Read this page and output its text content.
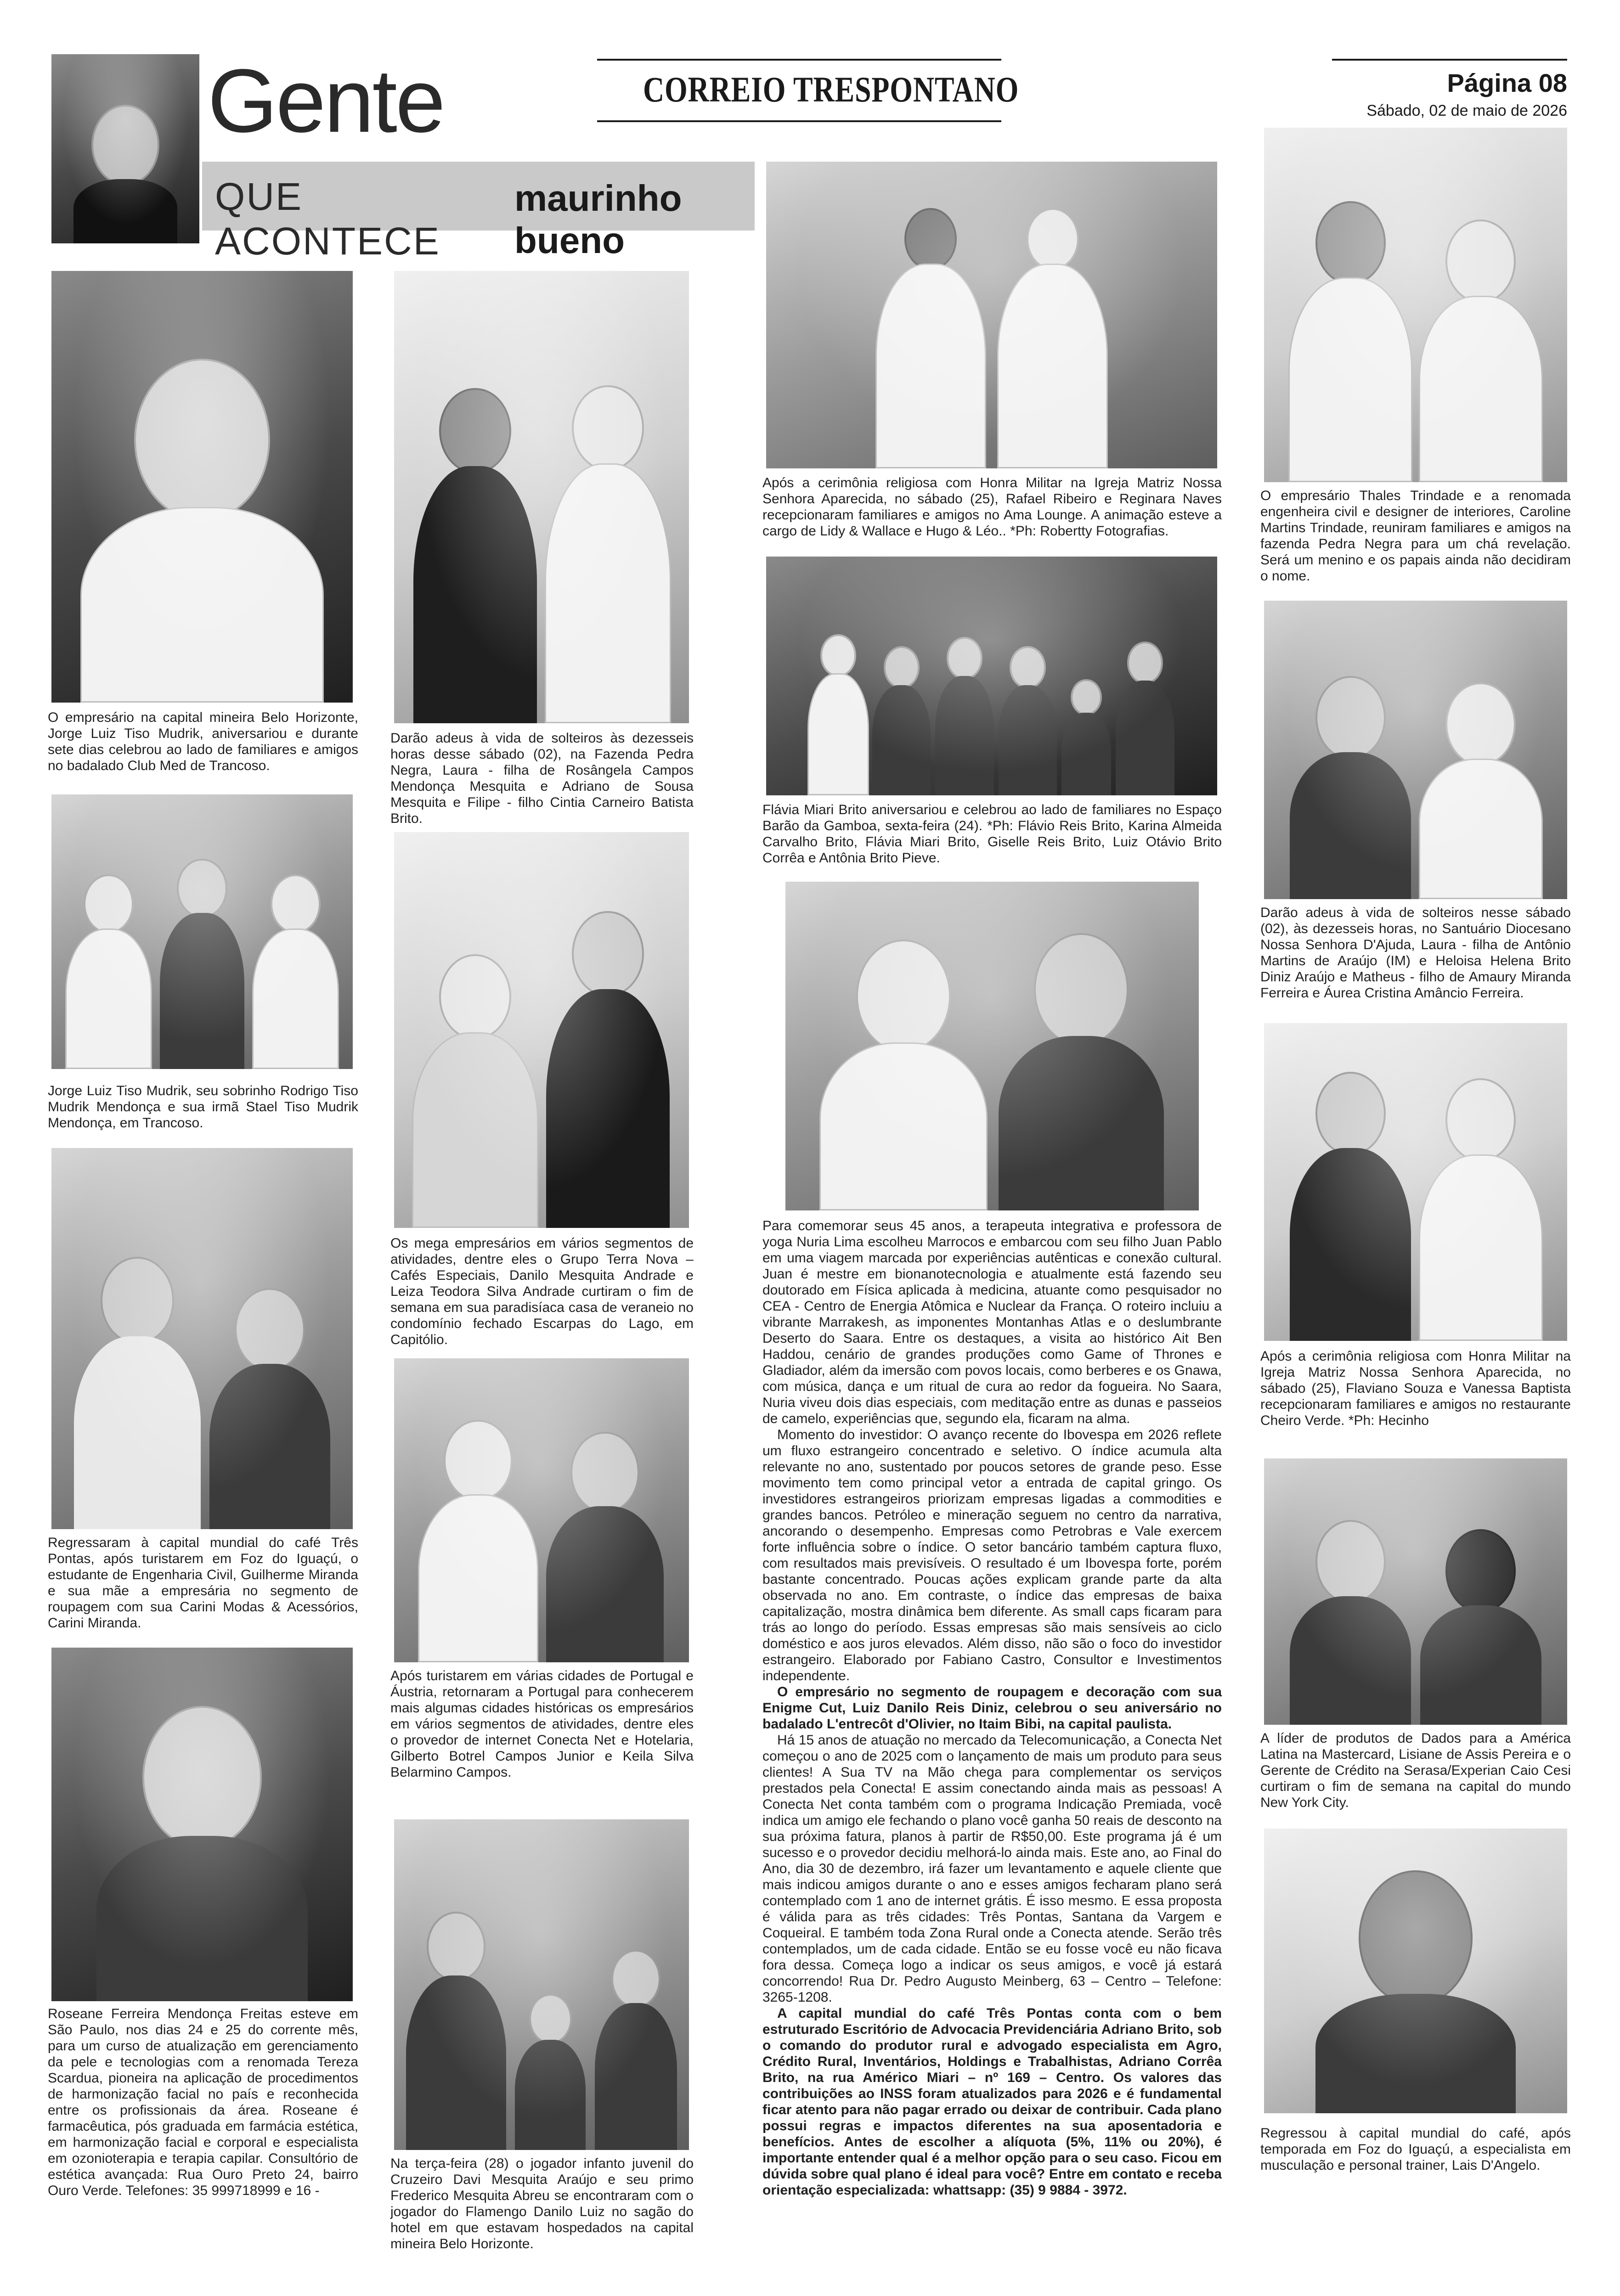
Gente
QUE ACONTECE
maurinho bueno
CORREIO TRESPONTANO	Página 08
Sábado, 02 de maio de 2026

O empresário na capital mineira Belo Horizonte, Jorge Luiz Tiso Mudrik, aniversariou e durante sete dias celebrou ao lado de familiares e amigos no badalado Club Med de Trancoso.

Jorge Luiz Tiso Mudrik, seu sobrinho Rodrigo Tiso Mudrik Mendonça e sua irmã Stael Tiso Mudrik Mendonça, em Trancoso.

Regressaram à capital mundial do café Três Pontas, após turistarem em Foz do Iguaçú, o estudante de Engenharia Civil, Guilherme Miranda e sua mãe a empresária no segmento de roupagem com sua Carini Modas & Acessórios, Carini Miranda.

Roseane Ferreira Mendonça Freitas esteve em São Paulo, nos dias 24 e 25 do corrente mês, para um curso de atualização em gerenciamento da pele e tecnologias com a renomada Tereza Scardua, pioneira na aplicação de procedimentos de harmonização facial no país e reconhecida entre os profissionais da área. Roseane é farmacêutica, pós graduada em farmácia estética, em harmonização facial e corporal e especialista em ozonioterapia e terapia capilar. Consultório de estética avançada: Rua Ouro Preto 24, bairro Ouro Verde. Telefones: 35 999718999 e 16 -

Darão adeus à vida de solteiros às dezesseis horas desse sábado (02), na Fazenda Pedra Negra, Laura - filha de Rosângela Campos Mendonça Mesquita e Adriano de Sousa Mesquita e Filipe - filho Cintia Carneiro Batista Brito.

Os mega empresários em vários segmentos de atividades, dentre eles o Grupo Terra Nova – Cafés Especiais, Danilo Mesquita Andrade e Leiza Teodora Silva Andrade curtiram o fim de semana em sua paradisíaca casa de veraneio no condomínio fechado Escarpas do Lago, em Capitólio.

Após turistarem em várias cidades de Portugal e Áustria, retornaram a Portugal para conhecerem mais algumas cidades históricas os empresários em vários segmentos de atividades, dentre eles o provedor de internet Conecta Net e Hotelaria, Gilberto Botrel Campos Junior e Keila Silva Belarmino Campos.

Na terça-feira (28) o jogador infanto juvenil do Cruzeiro Davi Mesquita Araújo e seu primo Frederico Mesquita Abreu se encontraram com o jogador do Flamengo Danilo Luiz no sagão do hotel em que estavam hospedados na capital mineira Belo Horizonte.

Após a cerimônia religiosa com Honra Militar na Igreja Matriz Nossa Senhora Aparecida, no sábado (25), Rafael Ribeiro e Reginara Naves recepcionaram familiares e amigos no Ama Lounge. A animação esteve a cargo de Lidy & Wallace e Hugo & Léo.. *Ph: Robertty Fotografias.

Flávia Miari Brito aniversariou e celebrou ao lado de familiares no Espaço Barão da Gamboa, sexta-feira (24). *Ph: Flávio Reis Brito, Karina Almeida Carvalho Brito, Flávia Miari Brito, Giselle Reis Brito, Luiz Otávio Brito Corrêa e Antônia Brito Pieve.

Para comemorar seus 45 anos, a terapeuta integrativa e professora de yoga Nuria Lima escolheu Marrocos e embarcou com seu filho Juan Pablo em uma viagem marcada por experiências autênticas e conexão cultural. Juan é mestre em bionanotecnologia e atualmente está fazendo seu doutorado em Física aplicada à medicina, atuante como pesquisador no CEA - Centro de Energia Atômica e Nuclear da França. O roteiro incluiu a vibrante Marrakesh, as imponentes Montanhas Atlas e o deslumbrante Deserto do Saara. Entre os destaques, a visita ao histórico Ait Ben Haddou, cenário de grandes produções como Game of Thrones e Gladiador, além da imersão com povos locais, como berberes e os Gnawa, com música, dança e um ritual de cura ao redor da fogueira. No Saara, Nuria viveu dois dias especiais, com meditação entre as dunas e passeios de camelo, experiências que, segundo ela, ficaram na alma.

Momento do investidor: O avanço recente do Ibovespa em 2026 reflete um fluxo estrangeiro concentrado e seletivo. O índice acumula alta relevante no ano, sustentado por poucos setores de grande peso. Esse movimento tem como principal vetor a entrada de capital gringo. Os investidores estrangeiros priorizam empresas ligadas a commodities e grandes bancos. Petróleo e mineração seguem no centro da narrativa, ancorando o desempenho. Empresas como Petrobras e Vale exercem forte influência sobre o índice. O setor bancário também captura fluxo, com resultados mais previsíveis. O resultado é um Ibovespa forte, porém bastante concentrado. Poucas ações explicam grande parte da alta observada no ano. Em contraste, o índice das empresas de baixa capitalização, mostra dinâmica bem diferente. As small caps ficaram para trás ao longo do período. Essas empresas são mais sensíveis ao ciclo doméstico e aos juros elevados. Além disso, não são o foco do investidor estrangeiro. Elaborado por Fabiano Castro, Consultor e Investimentos independente.

O empresário no segmento de roupagem e decoração com sua Enigme Cut, Luiz Danilo Reis Diniz, celebrou o seu aniversário no badalado L'entrecôt d'Olivier, no Itaim Bibi, na capital paulista.

Há 15 anos de atuação no mercado da Telecomunicação, a Conecta Net começou o ano de 2025 com o lançamento de mais um produto para seus clientes! A Sua TV na Mão chega para complementar os serviços prestados pela Conecta! E assim conectando ainda mais as pessoas! A Conecta Net conta também com o programa Indicação Premiada, você indica um amigo ele fechando o plano você ganha 50 reais de desconto na sua próxima fatura, planos à partir de R$50,00. Este programa já é um sucesso e o provedor decidiu melhorá-lo ainda mais. Este ano, ao Final do Ano, dia 30 de dezembro, irá fazer um levantamento e aquele cliente que mais indicou amigos durante o ano e esses amigos fecharam plano será contemplado com 1 ano de internet grátis. É isso mesmo. E essa proposta é válida para as três cidades: Três Pontas, Santana da Vargem e Coqueiral. E também toda Zona Rural onde a Conecta atende. Serão três contemplados, um de cada cidade. Então se eu fosse você eu não ficava fora dessa. Começa logo a indicar os seus amigos, e você já estará concorrendo! Rua Dr. Pedro Augusto Meinberg, 63 – Centro – Telefone: 3265-1208.

A capital mundial do café Três Pontas conta com o bem estruturado Escritório de Advocacia Previdenciária Adriano Brito, sob o comando do produtor rural e advogado especialista em Agro, Crédito Rural, Inventários, Holdings e Trabalhistas, Adriano Corrêa Brito, na rua Américo Miari – nº 169 – Centro. Os valores das contribuições ao INSS foram atualizados para 2026 e é fundamental ficar atento para não pagar errado ou deixar de contribuir. Cada plano possui regras e impactos diferentes na sua aposentadoria e benefícios. Antes de escolher a alíquota (5%, 11% ou 20%), é importante entender qual é a melhor opção para o seu caso. Ficou em dúvida sobre qual plano é ideal para você? Entre em contato e receba orientação especializada: whattsapp: (35) 9 9884 - 3972.

O empresário Thales Trindade e a renomada engenheira civil e designer de interiores, Caroline Martins Trindade, reuniram familiares e amigos na fazenda Pedra Negra para um chá revelação. Será um menino e os papais ainda não decidiram o nome.

Darão adeus à vida de solteiros nesse sábado (02), às dezesseis horas, no Santuário Diocesano Nossa Senhora D'Ajuda, Laura - filha de Antônio Martins de Araújo (IM) e Heloisa Helena Brito Diniz Araújo e Matheus - filho de Amaury Miranda Ferreira e Áurea Cristina Amâncio Ferreira.

Após a cerimônia religiosa com Honra Militar na Igreja Matriz Nossa Senhora Aparecida, no sábado (25), Flaviano Souza e Vanessa Baptista recepcionaram familiares e amigos no restaurante Cheiro Verde. *Ph: Hecinho

A líder de produtos de Dados para a América Latina na Mastercard, Lisiane de Assis Pereira e o Gerente de Crédito na Serasa/Experian Caio Cesi curtiram o fim de semana na capital do mundo New York City.

Regressou à capital mundial do café, após temporada em Foz do Iguaçú, a especialista em musculação e personal trainer, Lais D'Angelo.
